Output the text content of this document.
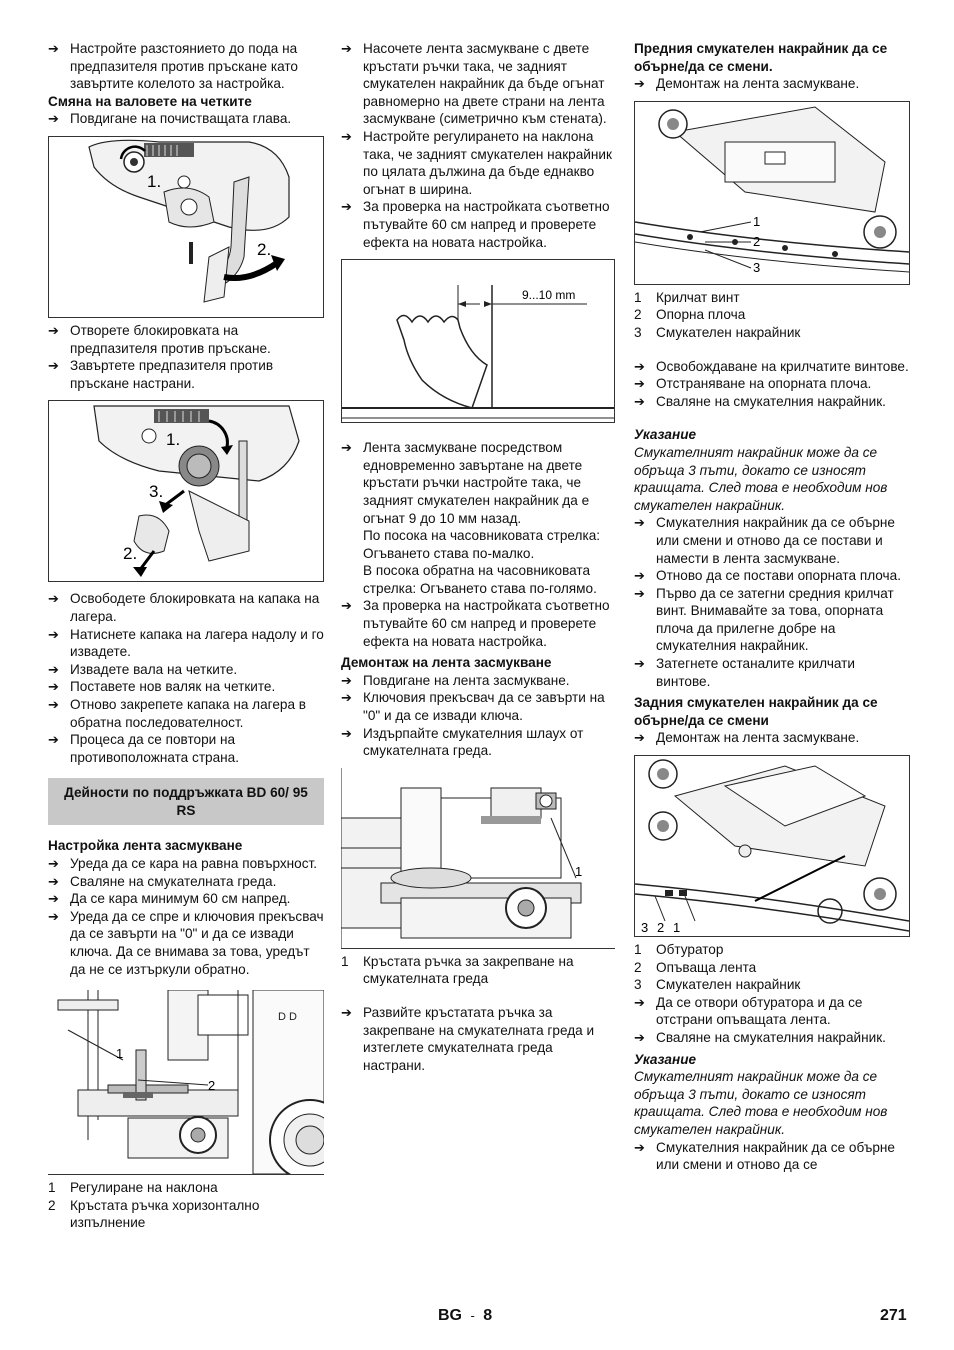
➔ Настройте разстоянието до пода на предпазителя против пръскане като завъртите колелото за настройка.

Смяна на валовете на четките

➔ Повдигане на почистващата глава.

1.
2.

➔ Отворете блокировката на предпазителя против пръскане.

➔ Завъртете предпазителя против пръскане настрани.

1.
3.
2.

➔ Освободете блокировката на капака на лагера.

➔ Натиснете капака на лагера надолу и го извадете.

➔ Извадете вала на четките.

➔ Поставете нов валяк на четките.

➔ Отново закрепете капака на лагера в обратна последователност.

➔ Процеса да се повтори на противоположната страна.

Дейности по поддръжката BD 60/ 95 RS

Настройка лента засмукване

➔ Уреда да се кара на равна повърхност.

➔ Сваляне на смукателната греда.

➔ Да се кара минимум 60 см напред.

➔ Уреда да се спре и ключовия прекъсвач да се завърти на "0" и да се извади ключа. Да се внимава за това, уредът да не се изтъркули обратно.

D D
1
2

1 Регулиране на наклона

2 Кръстата ръчка хоризонтално изпълнение

➔ Насочете лента засмукване с двете кръстати ръчки така, че задният смукателен накрайник да бъде огънат равномерно на двете страни на лента засмукване (симетрично към стената).

➔ Настройте регулирането на наклона така, че задният смукателен накрайник по цялата дължина да бъде еднакво огънат в ширина.

➔ За проверка на настройката съответно пътувайте 60 см напред и проверете ефекта на новата настройка.

9...10 mm

➔ Лента засмукване посредством едновременно завъртане на двете кръстати ръчки настройте така, че задният смукателен накрайник да е огънат 9 до 10 мм назад.

По посока на часовниковата стрелка: Огъването става по-малко.

В посока обратна на часовниковата стрелка: Огъването става по-голямо.

➔ За проверка на настройката съответно пътувайте 60 см напред и проверете ефекта на новата настройка.

Демонтаж на лента засмукване

➔ Повдигане на лента засмукване.

➔ Ключовия прекъсвач да се завърти на "0" и да се извади ключа.

➔ Издърпайте смукателния шлаух от смукателната греда.

1

1 Кръстата ръчка за закрепване на смукателната греда

➔ Развийте кръстатата ръчка за закрепване на смукателната греда и изтеглете смукателната греда настрани.

Предния смукателен накрайник да се обърне/да се смени.

➔ Демонтаж на лента засмукване.

1
2
3

1 Крилчат винт

2 Опорна плоча

3 Смукателен накрайник

➔ Освобождаване на крилчатите винтове.

➔ Отстраняване на опорната плоча.

➔ Сваляне на смукателния накрайник.

Указание

Смукателният накрайник може да се обръща 3 пъти, докато се износят краищата. След това е необходим нов смукателен накрайник.

➔ Смукателния накрайник да се обърне или смени и отново да се постави и намести в лента засмукване.

➔ Отново да се постави опорната плоча.

➔ Първо да се затегни средния крилчат винт. Внимавайте за това, опорната плоча да прилегне добре на смукателния накрайник.

➔ Затегнете останалите крилчати винтове.

Задния смукателен накрайник да се обърне/да се смени

➔ Демонтаж на лента засмукване.

3 2 1

1 Обтуратор

2 Опъваща лента

3 Смукателен накрайник

➔ Да се отвори обтуратора и да се отстрани опъващата лента.

➔ Сваляне на смукателния накрайник.

Указание

Смукателният накрайник може да се обръща 3 пъти, докато се износят краищата. След това е необходим нов смукателен накрайник.

➔ Смукателния накрайник да се обърне или смени и отново да се

BG - 8	271
